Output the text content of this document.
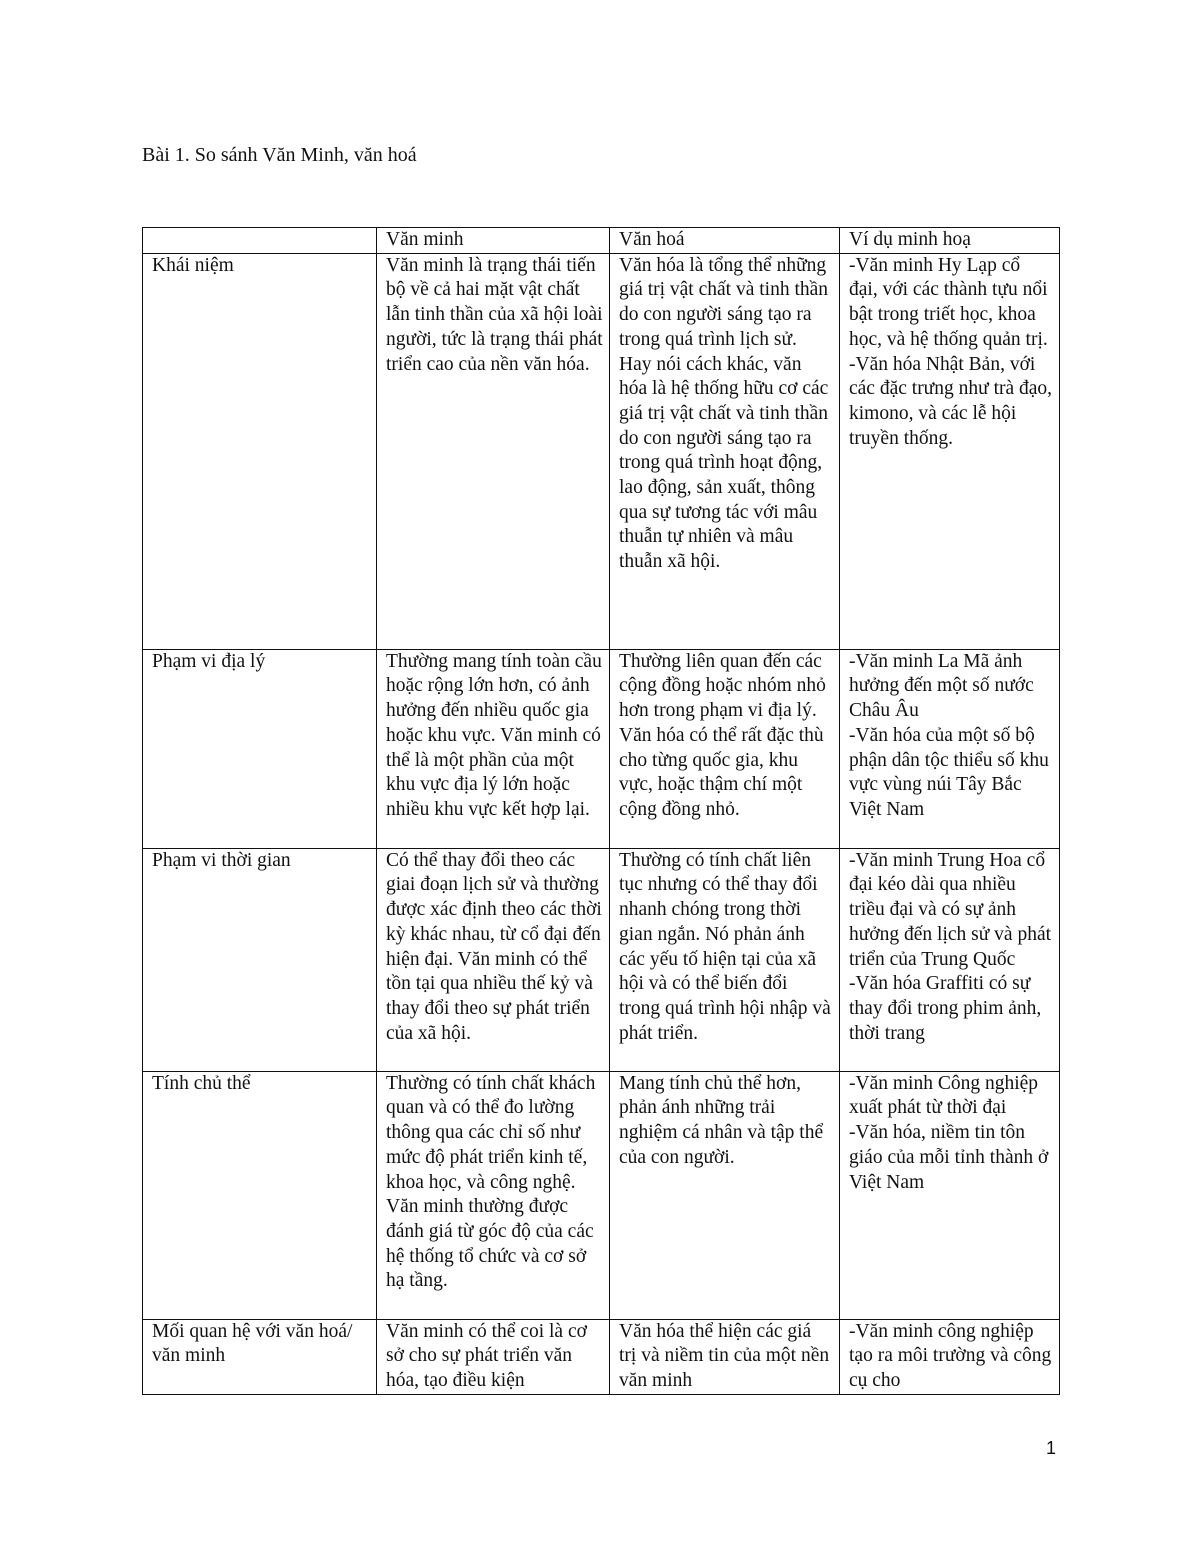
Bài 1. So sánh Văn Minh, văn hoá
	Văn minh	Văn hoá	Ví dụ minh hoạ
Khái niệm	Văn minh là trạng thái tiến bộ về cả hai mặt vật chất lẫn tinh thần của xã hội loài người, tức là trạng thái phát triển cao của nền văn hóa.	Văn hóa là tổng thể những giá trị vật chất và tinh thần do con người sáng tạo ra trong quá trình lịch sử. Hay nói cách khác, văn hóa là hệ thống hữu cơ các giá trị vật chất và tinh thần do con người sáng tạo ra trong quá trình hoạt động, lao động, sản xuất, thông qua sự tương tác với mâu thuẫn tự nhiên và mâu thuẫn xã hội.	-Văn minh Hy Lạp cổ đại, với các thành tựu nổi bật trong triết học, khoa học, và hệ thống quản trị.
-Văn hóa Nhật Bản, với các đặc trưng như trà đạo, kimono, và các lễ hội truyền thống.

Phạm vi địa lý	Thường mang tính toàn cầu hoặc rộng lớn hơn, có ảnh hưởng đến nhiều quốc gia hoặc khu vực. Văn minh có thể là một phần của một khu vực địa lý lớn hoặc nhiều khu vực kết hợp lại.	Thường liên quan đến các cộng đồng hoặc nhóm nhỏ hơn trong phạm vi địa lý. Văn hóa có thể rất đặc thù cho từng quốc gia, khu vực, hoặc thậm chí một cộng đồng nhỏ.	-Văn minh La Mã ảnh hưởng đến một số nước Châu Âu
-Văn hóa của một số bộ phận dân tộc thiểu số khu vực vùng núi Tây Bắc Việt Nam

Phạm vi thời gian	Có thể thay đổi theo các giai đoạn lịch sử và thường được xác định theo các thời kỳ khác nhau, từ cổ đại đến hiện đại. Văn minh có thể tồn tại qua nhiều thế kỷ và thay đổi theo sự phát triển của xã hội.	Thường có tính chất liên tục nhưng có thể thay đổi nhanh chóng trong thời gian ngắn. Nó phản ánh các yếu tố hiện tại của xã hội và có thể biến đổi trong quá trình hội nhập và phát triển.	-Văn minh Trung Hoa cổ đại kéo dài qua nhiều triều đại và có sự ảnh hưởng đến lịch sử và phát triển của Trung Quốc
-Văn hóa Graffiti có sự thay đổi trong phim ảnh, thời trang

Tính chủ thể	Thường có tính chất khách quan và có thể đo lường thông qua các chỉ số như mức độ phát triển kinh tế, khoa học, và công nghệ. Văn minh thường được đánh giá từ góc độ của các hệ thống tổ chức và cơ sở hạ tầng.	Mang tính chủ thể hơn, phản ánh những trải nghiệm cá nhân và tập thể của con người.	-Văn minh Công nghiệp xuất phát từ thời đại
-Văn hóa, niềm tin tôn giáo của mỗi tỉnh thành ở Việt Nam

Mối quan hệ với văn hoá/ văn minh	Văn minh có thể coi là cơ sở cho sự phát triển văn hóa, tạo điều kiện	Văn hóa thể hiện các giá trị và niềm tin của một nền văn minh	-Văn minh công nghiệp tạo ra môi trường và công cụ cho
1
